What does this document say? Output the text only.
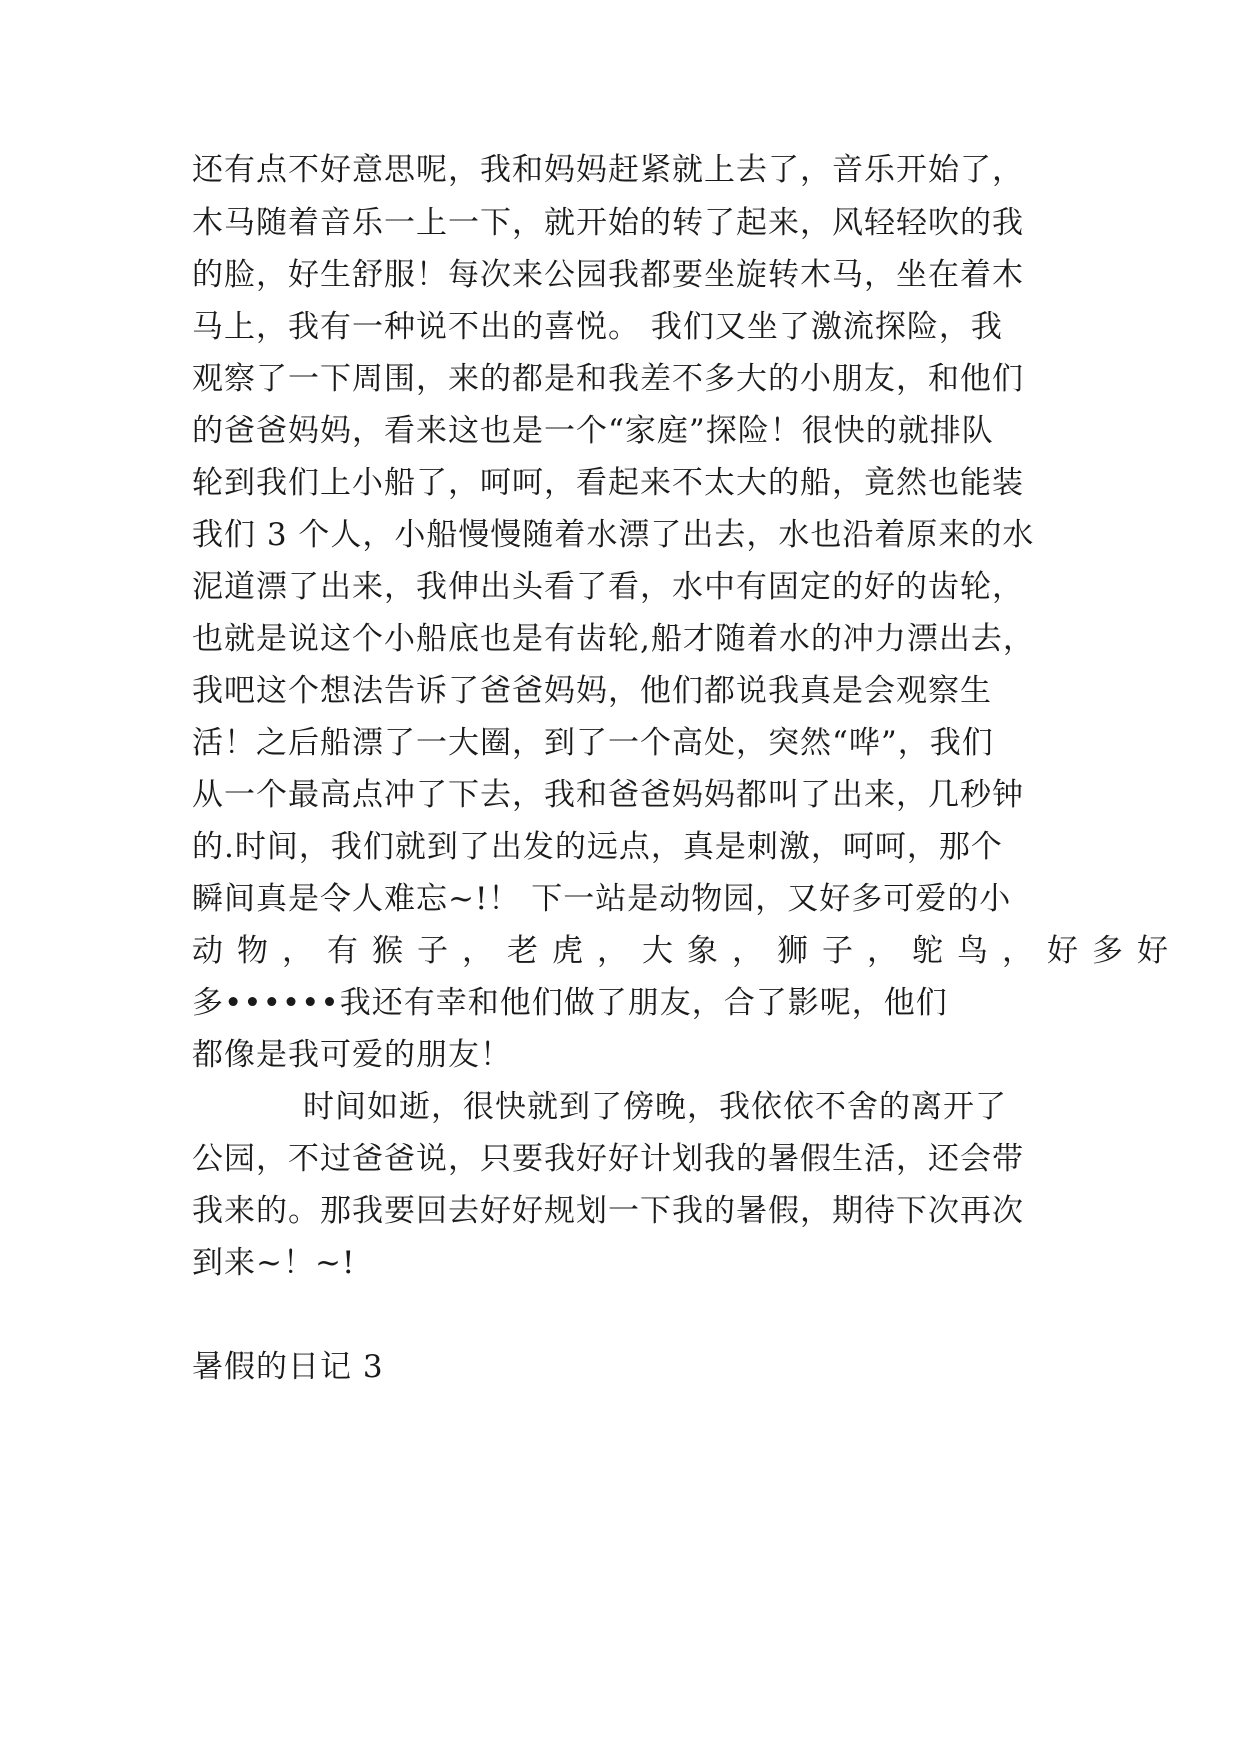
还有点不好意思呢，我和妈妈赶紧就上去了，音乐开始了，
木马随着音乐一上一下，就开始的转了起来，风轻轻吹的我
的脸，好生舒服！每次来公园我都要坐旋转木马，坐在着木
马上，我有一种说不出的喜悦。 我们又坐了激流探险，我
观察了一下周围，来的都是和我差不多大的小朋友，和他们
的爸爸妈妈，看来这也是一个“家庭”探险！很快的就排队
轮到我们上小船了，呵呵，看起来不太大的船，竟然也能装
我们 3 个人，小船慢慢随着水漂了出去，水也沿着原来的水
泥道漂了出来，我伸出头看了看，水中有固定的好的齿轮，
也就是说这个小船底也是有齿轮,船才随着水的冲力漂出去，
我吧这个想法告诉了爸爸妈妈，他们都说我真是会观察生
活！之后船漂了一大圈，到了一个高处，突然“哗”，我们
从一个最高点冲了下去，我和爸爸妈妈都叫了出来，几秒钟
的.时间，我们就到了出发的远点，真是刺激，呵呵，那个
瞬间真是令人难忘~!！ 下一站是动物园，又好多可爱的小
动物，有猴子，老虎，大象，狮子，鸵鸟，好多好
多••••••我还有幸和他们做了朋友，合了影呢，他们
都像是我可爱的朋友！
时间如逝，很快就到了傍晚，我依依不舍的离开了
公园，不过爸爸说，只要我好好计划我的暑假生活，还会带
我来的。那我要回去好好规划一下我的暑假，期待下次再次
到来~！~!
暑假的日记 3
